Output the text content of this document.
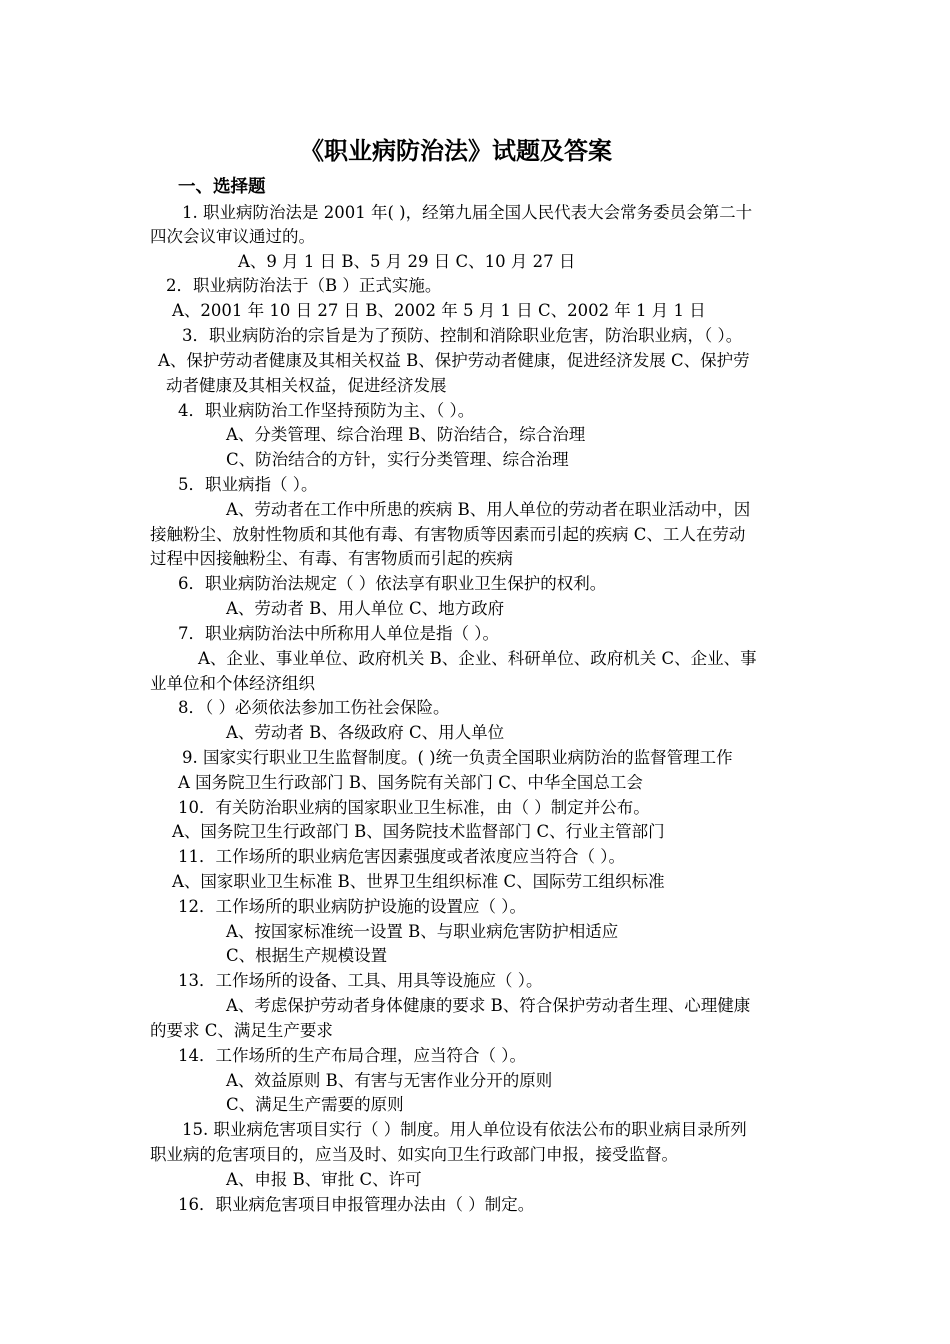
《职业病防治法》试题及答案
一、选择题
1. 职业病防治法是 2001 年( )，经第九届全国人民代表大会常务委员会第二十
四次会议审议通过的。
A、9 月 1 日 B、5 月 29 日 C、10 月 27 日
2．职业病防治法于（B ）正式实施。
A、2001 年 10 日 27 日 B、2002 年 5 月 1 日 C、2002 年 1 月 1 日
3．职业病防治的宗旨是为了预防、控制和消除职业危害，防治职业病，（ ）。
A、保护劳动者健康及其相关权益 B、保护劳动者健康，促进经济发展 C、保护劳
动者健康及其相关权益，促进经济发展
4．职业病防治工作坚持预防为主、（ ）。
A、分类管理、综合治理 B、防治结合，综合治理
C、防治结合的方针，实行分类管理、综合治理
5．职业病指（ ）。
A、劳动者在工作中所患的疾病 B、用人单位的劳动者在职业活动中，因
接触粉尘、放射性物质和其他有毒、有害物质等因素而引起的疾病 C、工人在劳动
过程中因接触粉尘、有毒、有害物质而引起的疾病
6．职业病防治法规定（ ）依法享有职业卫生保护的权利。
A、劳动者 B、用人单位 C、地方政府
7．职业病防治法中所称用人单位是指（ ）。
A、企业、事业单位、政府机关 B、企业、科研单位、政府机关 C、企业、事
业单位和个体经济组织
8．（ ）必须依法参加工伤社会保险。
A、劳动者 B、各级政府 C、用人单位
9. 国家实行职业卫生监督制度。( )统一负责全国职业病防治的监督管理工作
A 国务院卫生行政部门 B、国务院有关部门 C、中华全国总工会
10．有关防治职业病的国家职业卫生标准，由（ ）制定并公布。
A、国务院卫生行政部门 B、国务院技术监督部门 C、行业主管部门
11．工作场所的职业病危害因素强度或者浓度应当符合（ ）。
A、国家职业卫生标准 B、世界卫生组织标准 C、国际劳工组织标准
12．工作场所的职业病防护设施的设置应（ ）。
A、按国家标准统一设置 B、与职业病危害防护相适应
C、根据生产规模设置
13．工作场所的设备、工具、用具等设施应（ ）。
A、考虑保护劳动者身体健康的要求 B、符合保护劳动者生理、心理健康
的要求 C、满足生产要求
14．工作场所的生产布局合理，应当符合（ ）。
A、效益原则 B、有害与无害作业分开的原则
C、满足生产需要的原则
15. 职业病危害项目实行（ ）制度。用人单位设有依法公布的职业病目录所列
职业病的危害项目的，应当及时、如实向卫生行政部门申报，接受监督。
A、申报 B、审批 C、许可
16．职业病危害项目申报管理办法由（ ）制定。
